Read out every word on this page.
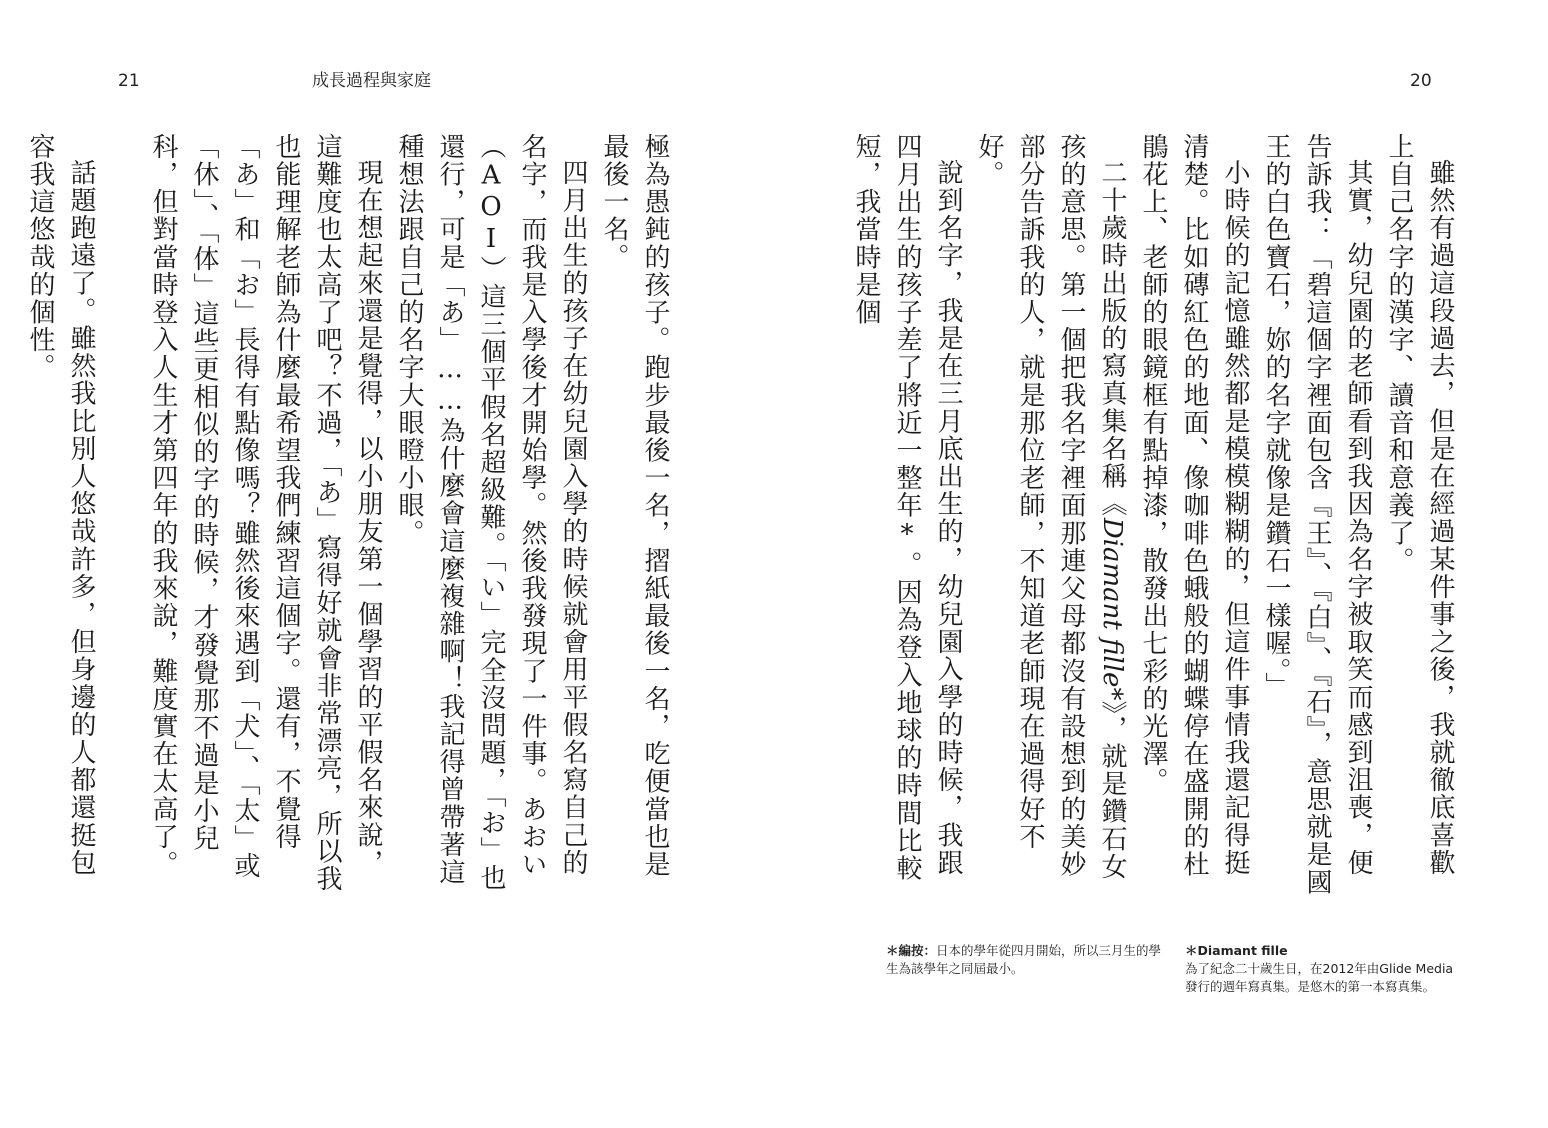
21	成長過程與家庭	20

雖然有過這段過去，但是在經過某件事之後，我就徹底喜歡上自己名字的漢字、讀音和意義了。

其實，幼兒園的老師看到我因為名字被取笑而感到沮喪，便告訴我：「碧這個字裡面包含『王』、『白』、『石』，意思就是國王的白色寶石，妳的名字就像是鑽石一樣喔。」

小時候的記憶雖然都是模模糊糊的，但這件事情我還記得挺清楚。比如磚紅色的地面、像咖啡色蛾般的蝴蝶停在盛開的杜鵑花上、老師的眼鏡框有點掉漆，散發出七彩的光澤。

二十歲時出版的寫真集名稱《Diamant fille*》，就是鑽石女孩的意思。第一個把我名字裡面那連父母都沒有設想到的美妙部分告訴我的人，就是那位老師，不知道老師現在過得好不好。

說到名字，我是在三月底出生的，幼兒園入學的時候，我跟四月出生的孩子差了將近一整年*。因為登入地球的時間比較短，我當時是個

極為愚鈍的孩子。跑步最後一名，摺紙最後一名，吃便當也是最後一名。

四月出生的孩子在幼兒園入學的時候就會用平假名寫自己的名字，而我是入學後才開始學。然後我發現了一件事。あおい（AOI）這三個平假名超級難。「い」完全沒問題，「お」也還行，可是「あ」……為什麼會這麼複雜啊！我記得曾帶著這種想法跟自己的名字大眼瞪小眼。

現在想起來還是覺得，以小朋友第一個學習的平假名來說，這難度也太高了吧？不過，「あ」寫得好就會非常漂亮，所以我也能理解老師為什麼最希望我們練習這個字。還有，不覺得「あ」和「お」長得有點像嗎？雖然後來遇到「犬」、「太」或「休」、「体」這些更相似的字的時候，才發覺那不過是小兒科，但對當時登入人生才第四年的我來說，難度實在太高了。

話題跑遠了。雖然我比別人悠哉許多，但身邊的人都還挺包容我這悠哉的個性。

＊編按：日本的學年從四月開始，所以三月生的學生為該學年之同屆最小。
＊Diamant fille
為了紀念二十歲生日，在2012年由Glide Media發行的週年寫真集。是悠木的第一本寫真集。
